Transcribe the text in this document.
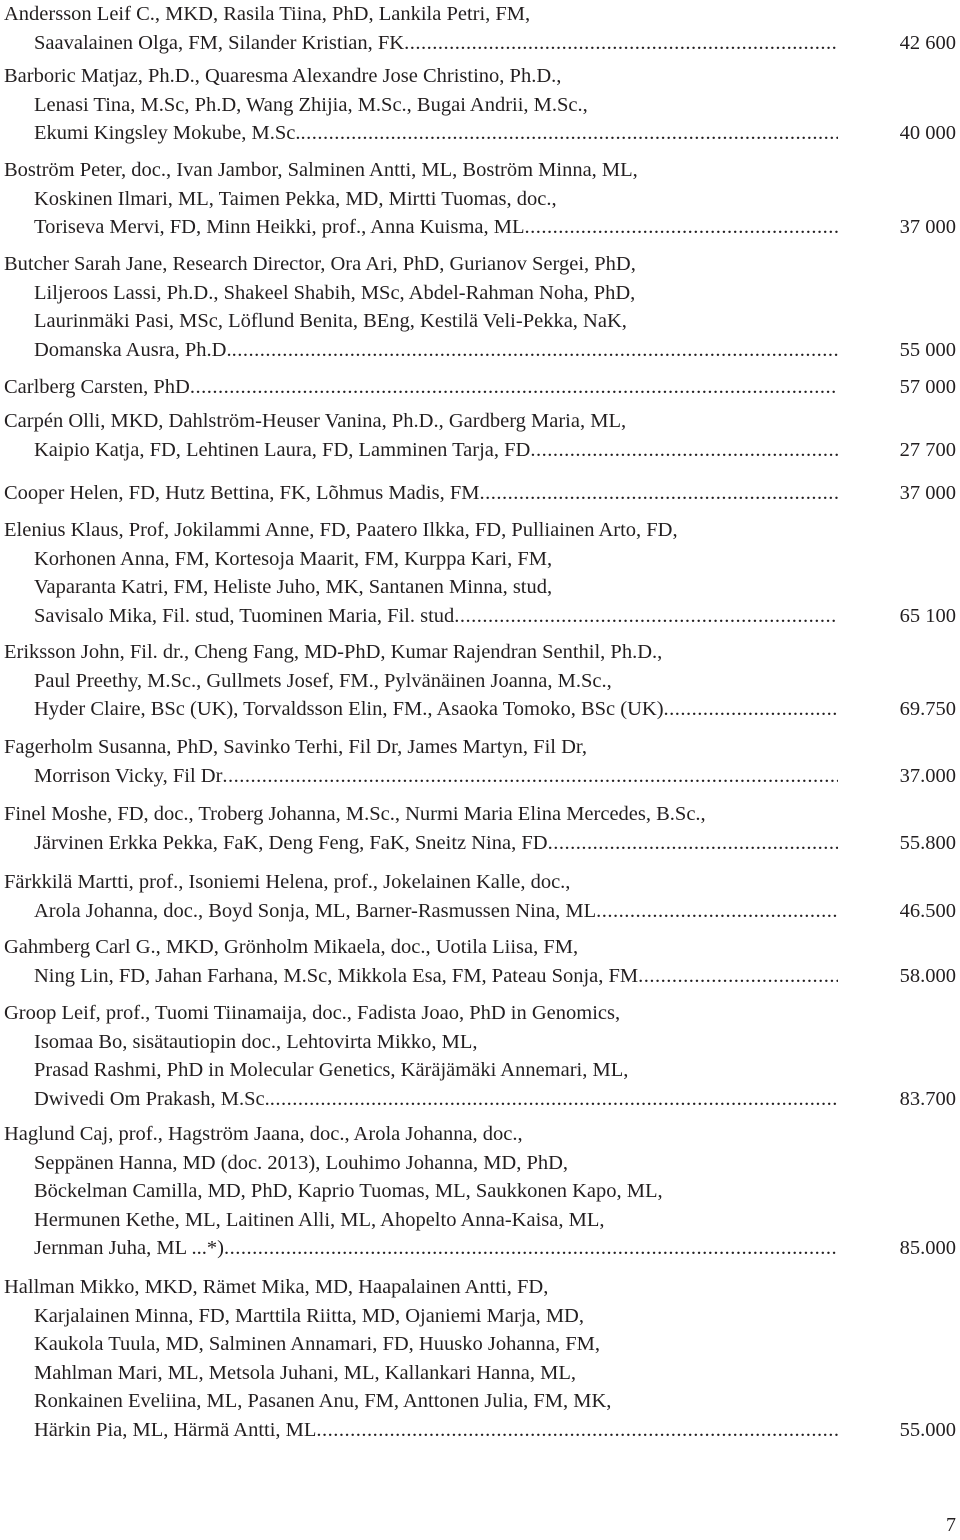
Andersson Leif C., MKD, Rasila Tiina, PhD, Lankila Petri, FM,
Saavalainen Olga, FM, Silander Kristian, FK .....	42 600
Barboric Matjaz, Ph.D., Quaresma Alexandre Jose Christino, Ph.D.,
Lenasi Tina, M.Sc, Ph.D, Wang Zhijia, M.Sc., Bugai Andrii, M.Sc.,
Ekumi Kingsley Mokube, M.Sc. .....	40 000
Boström Peter, doc., Ivan Jambor, Salminen Antti, ML, Boström Minna, ML,
Koskinen Ilmari, ML, Taimen Pekka, MD, Mirtti Tuomas, doc.,
Toriseva Mervi, FD, Minn Heikki, prof., Anna Kuisma, ML .....	37 000
Butcher Sarah Jane, Research Director, Ora Ari, PhD, Gurianov Sergei, PhD,
Liljeroos Lassi, Ph.D., Shakeel Shabih, MSc, Abdel-Rahman Noha, PhD,
Laurinmäki Pasi, MSc, Löflund Benita, BEng, Kestilä Veli-Pekka, NaK,
Domanska Ausra, Ph.D. .....	55 000
Carlberg Carsten, PhD .....	57 000
Carpén Olli, MKD, Dahlström-Heuser Vanina, Ph.D., Gardberg Maria, ML,
Kaipio Katja, FD, Lehtinen Laura, FD, Lamminen Tarja, FD .....	27 700
Cooper Helen, FD, Hutz Bettina, FK, Lõhmus Madis, FM .....	37 000
Elenius Klaus, Prof, Jokilammi Anne, FD, Paatero Ilkka, FD, Pulliainen Arto, FD,
Korhonen Anna, FM, Kortesoja Maarit, FM, Kurppa Kari, FM,
Vaparanta Katri, FM, Heliste Juho, MK, Santanen Minna, stud,
Savisalo Mika, Fil. stud, Tuominen Maria, Fil. stud .....	65 100
Eriksson John, Fil. dr., Cheng Fang, MD-PhD, Kumar Rajendran Senthil, Ph.D.,
Paul Preethy, M.Sc., Gullmets Josef, FM., Pylvänäinen Joanna, M.Sc.,
Hyder Claire, BSc (UK), Torvaldsson Elin, FM., Asaoka Tomoko, BSc (UK) .....	69.750
Fagerholm Susanna, PhD, Savinko Terhi, Fil Dr, James Martyn, Fil Dr,
Morrison Vicky, Fil Dr .....	37.000
Finel Moshe, FD, doc., Troberg Johanna, M.Sc., Nurmi Maria Elina Mercedes, B.Sc.,
Järvinen Erkka Pekka, FaK, Deng Feng, FaK, Sneitz Nina, FD .....	55.800
Färkkilä Martti, prof., Isoniemi Helena, prof., Jokelainen Kalle, doc.,
Arola Johanna, doc., Boyd Sonja, ML, Barner-Rasmussen Nina, ML .....	46.500
Gahmberg Carl G., MKD, Grönholm Mikaela, doc., Uotila Liisa, FM,
Ning Lin, FD, Jahan Farhana, M.Sc, Mikkola Esa, FM, Pateau Sonja, FM .....	58.000
Groop Leif, prof., Tuomi Tiinamaija, doc., Fadista Joao, PhD in Genomics,
Isomaa Bo, sisätautiopin doc., Lehtovirta Mikko, ML,
Prasad Rashmi, PhD in Molecular Genetics, Käräjämäki Annemari, ML,
Dwivedi Om Prakash, M.Sc. .....	83.700
Haglund Caj, prof., Hagström Jaana, doc., Arola Johanna, doc.,
Seppänen Hanna, MD (doc. 2013), Louhimo Johanna, MD, PhD,
Böckelman Camilla, MD, PhD, Kaprio Tuomas, ML, Saukkonen Kapo, ML,
Hermunen Kethe, ML, Laitinen Alli, ML, Ahopelto Anna-Kaisa, ML,
Jernman Juha, ML ...*) .....	85.000
Hallman Mikko, MKD, Rämet Mika, MD, Haapalainen Antti, FD,
Karjalainen Minna, FD, Marttila Riitta, MD, Ojaniemi Marja, MD,
Kaukola Tuula, MD, Salminen Annamari, FD, Huusko Johanna, FM,
Mahlman Mari, ML, Metsola Juhani, ML, Kallankari Hanna, ML,
Ronkainen Eveliina, ML, Pasanen Anu, FM, Anttonen Julia, FM, MK,
Härkin Pia, ML, Härmä Antti, ML .....	55.000
7
